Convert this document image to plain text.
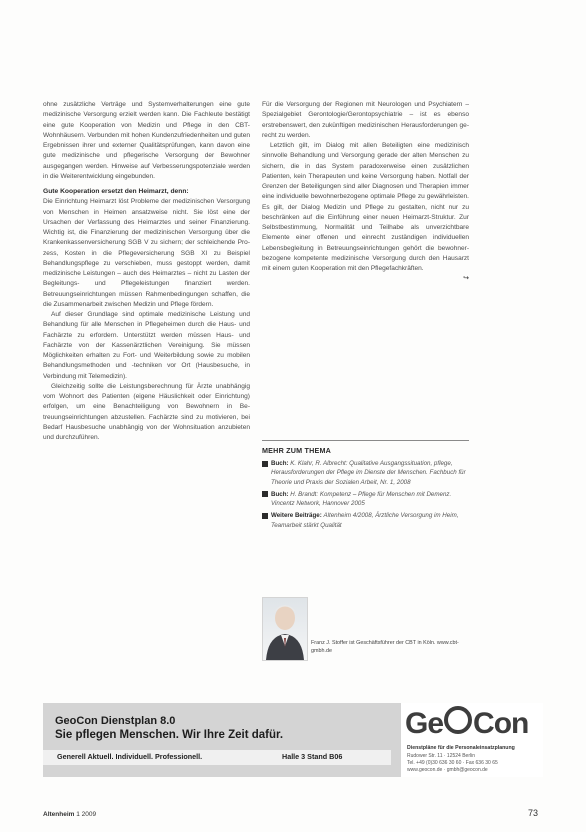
ohne zusätzliche Verträge und Systemverhalterungen eine gute medizinische Versorgung erzielt werden kann. Die Fachleute bestätigt eine gute Kooperation von Medizin und Pflege in den CBT-Wohnhäusern. Verbunden mit hohen Kundenzufriedenheiten und guten Ergebnissen ihrer und externer Qualitätsprüfungen, kann davon eine gute medizinische und pflegerische Versorgung der Bewohner ausgegangen werden. Hinweise auf Verbesserungspotenziale werden in die Weiterentwicklung eingebunden.

Gute Kooperation ersetzt den Heimarzt, denn:

Die Einrichtung Heimarzt löst Probleme der medizinischen Versorgung von Menschen in Heimen ansatzweise nicht. Sie löst eine der Ursachen der Verfassung des Heimarztes und seiner Finanzierung. Wichtig ist, die Finanzierung der medizinischen Versorgung über die Krankenkassenversicherung SGB V zu sichern; der schleichende Prozess, Kosten in die Pflegeversicherung SGB XI zu Beispiel Behandlungspflege zu verschieben, muss gestoppt werden, damit medizinische Leistungen – auch des Heimarztes – nicht zu Lasten der Begleitungs- und Pflegeleistungen finanziert werden. Betreuungseinrichtungen müssen Rahmenbedingungen schaffen, die die Zusammenarbeit zwischen Medizin und Pflege fördern.

Auf dieser Grundlage sind optimale medizinische Leistung und Behandlung für alle Menschen in Pflegeheimen durch die Haus- und Fachärzte zu erfordern. Unterstützt werden müssen Haus- und Fachärzte von der Kassenärztlichen Vereinigung. Sie müssen Möglichkeiten erhalten zu Fort- und Weiterbildung sowie zu mobilen Behandlungsmethoden und -techniken vor Ort (Hausbesuche, in Verbindung mit Telemedizin).

Gleichzeitig sollte die Leistungsberechnung für Ärzte unabhängig vom Wohnort des Patienten (eigene Häuslichkeit oder Einrichtung) erfolgen, um eine Benachteiligung von Bewohnern in Betreuungseinrichtungen abzustellen. Fachärzte sind zu motivieren, bei Bedarf Hausbesuche unabhängig von der Wohnsituation anzubieten und durchzuführen.

Für die Versorgung der Regionen mit Neurologen und Psychiatern – Spezialgebiet Gerontologie/Gerontopsychiatrie – ist es ebenso erstrebenswert, den zukünftigen medizinischen Herausforderungen gerecht zu werden.

Letztlich gilt, im Dialog mit allen Beteiligten eine medizinisch sinnvolle Behandlung und Versorgung gerade der alten Menschen zu sichern, die in das System paradoxerweise einen zusätzlichen Patienten, kein Therapeuten und keine Versorgung haben. Notfall der Grenzen der Beteiligungen sind aller Diagnosen und Therapien immer eine individuelle bewohnerbezogene optimale Pflege zu gewährleisten. Es gilt, der Dialog Medizin und Pflege zu gestalten, nicht nur zu beschränken auf die Einführung einer neuen Heimarzt-Struktur. Zur Selbstbestimmung, Normalität und Teilhabe als unverzichtbare Elemente einer offenen und einrecht zuständigen individuellen Lebensbegleitung in Betreuungseinrichtungen gehört die bewohnerbezogene kompetente medizinische Versorgung durch den Hausarzt mit einem guten Kooperation mit den Pflegefachkräften.

↪
MEHR ZUM THEMA
Buch: K. Klahr, R. Albrecht: Qualitative Ausgangssituation, pflege, Herausforderungen der Pflege im Dienste der Menschen. Fachbuch für Theorie und Praxis der Sozialen Arbeit, Nr. 1, 2008
Buch: H. Brandt: Kompetenz – Pflege für Menschen mit Demenz. Vincentz Network, Hannover 2005
Weitere Beiträge: Altenheim 4/2008, Ärztliche Versorgung im Heim, Teamarbeit stärkt Qualität
Franz J. Stoffer ist Geschäftsführer der CBT in Köln. www.cbt-gmbh.de
GeoCon Dienstplan 8.0
Sie pflegen Menschen. Wir Ihre Zeit dafür.
Generell Aktuell. Individuell. Professionell.	Halle 3 Stand B06
Ge Con
Dienstpläne für die Personaleinsatzplanung
Rudower Str. 11 · 12524 Berlin
Tel. +49 (0)30 636 30 60 · Fax 636 30 65
www.geocon.de · gmbh@geocon.de
Altenheim 1 2009	73
